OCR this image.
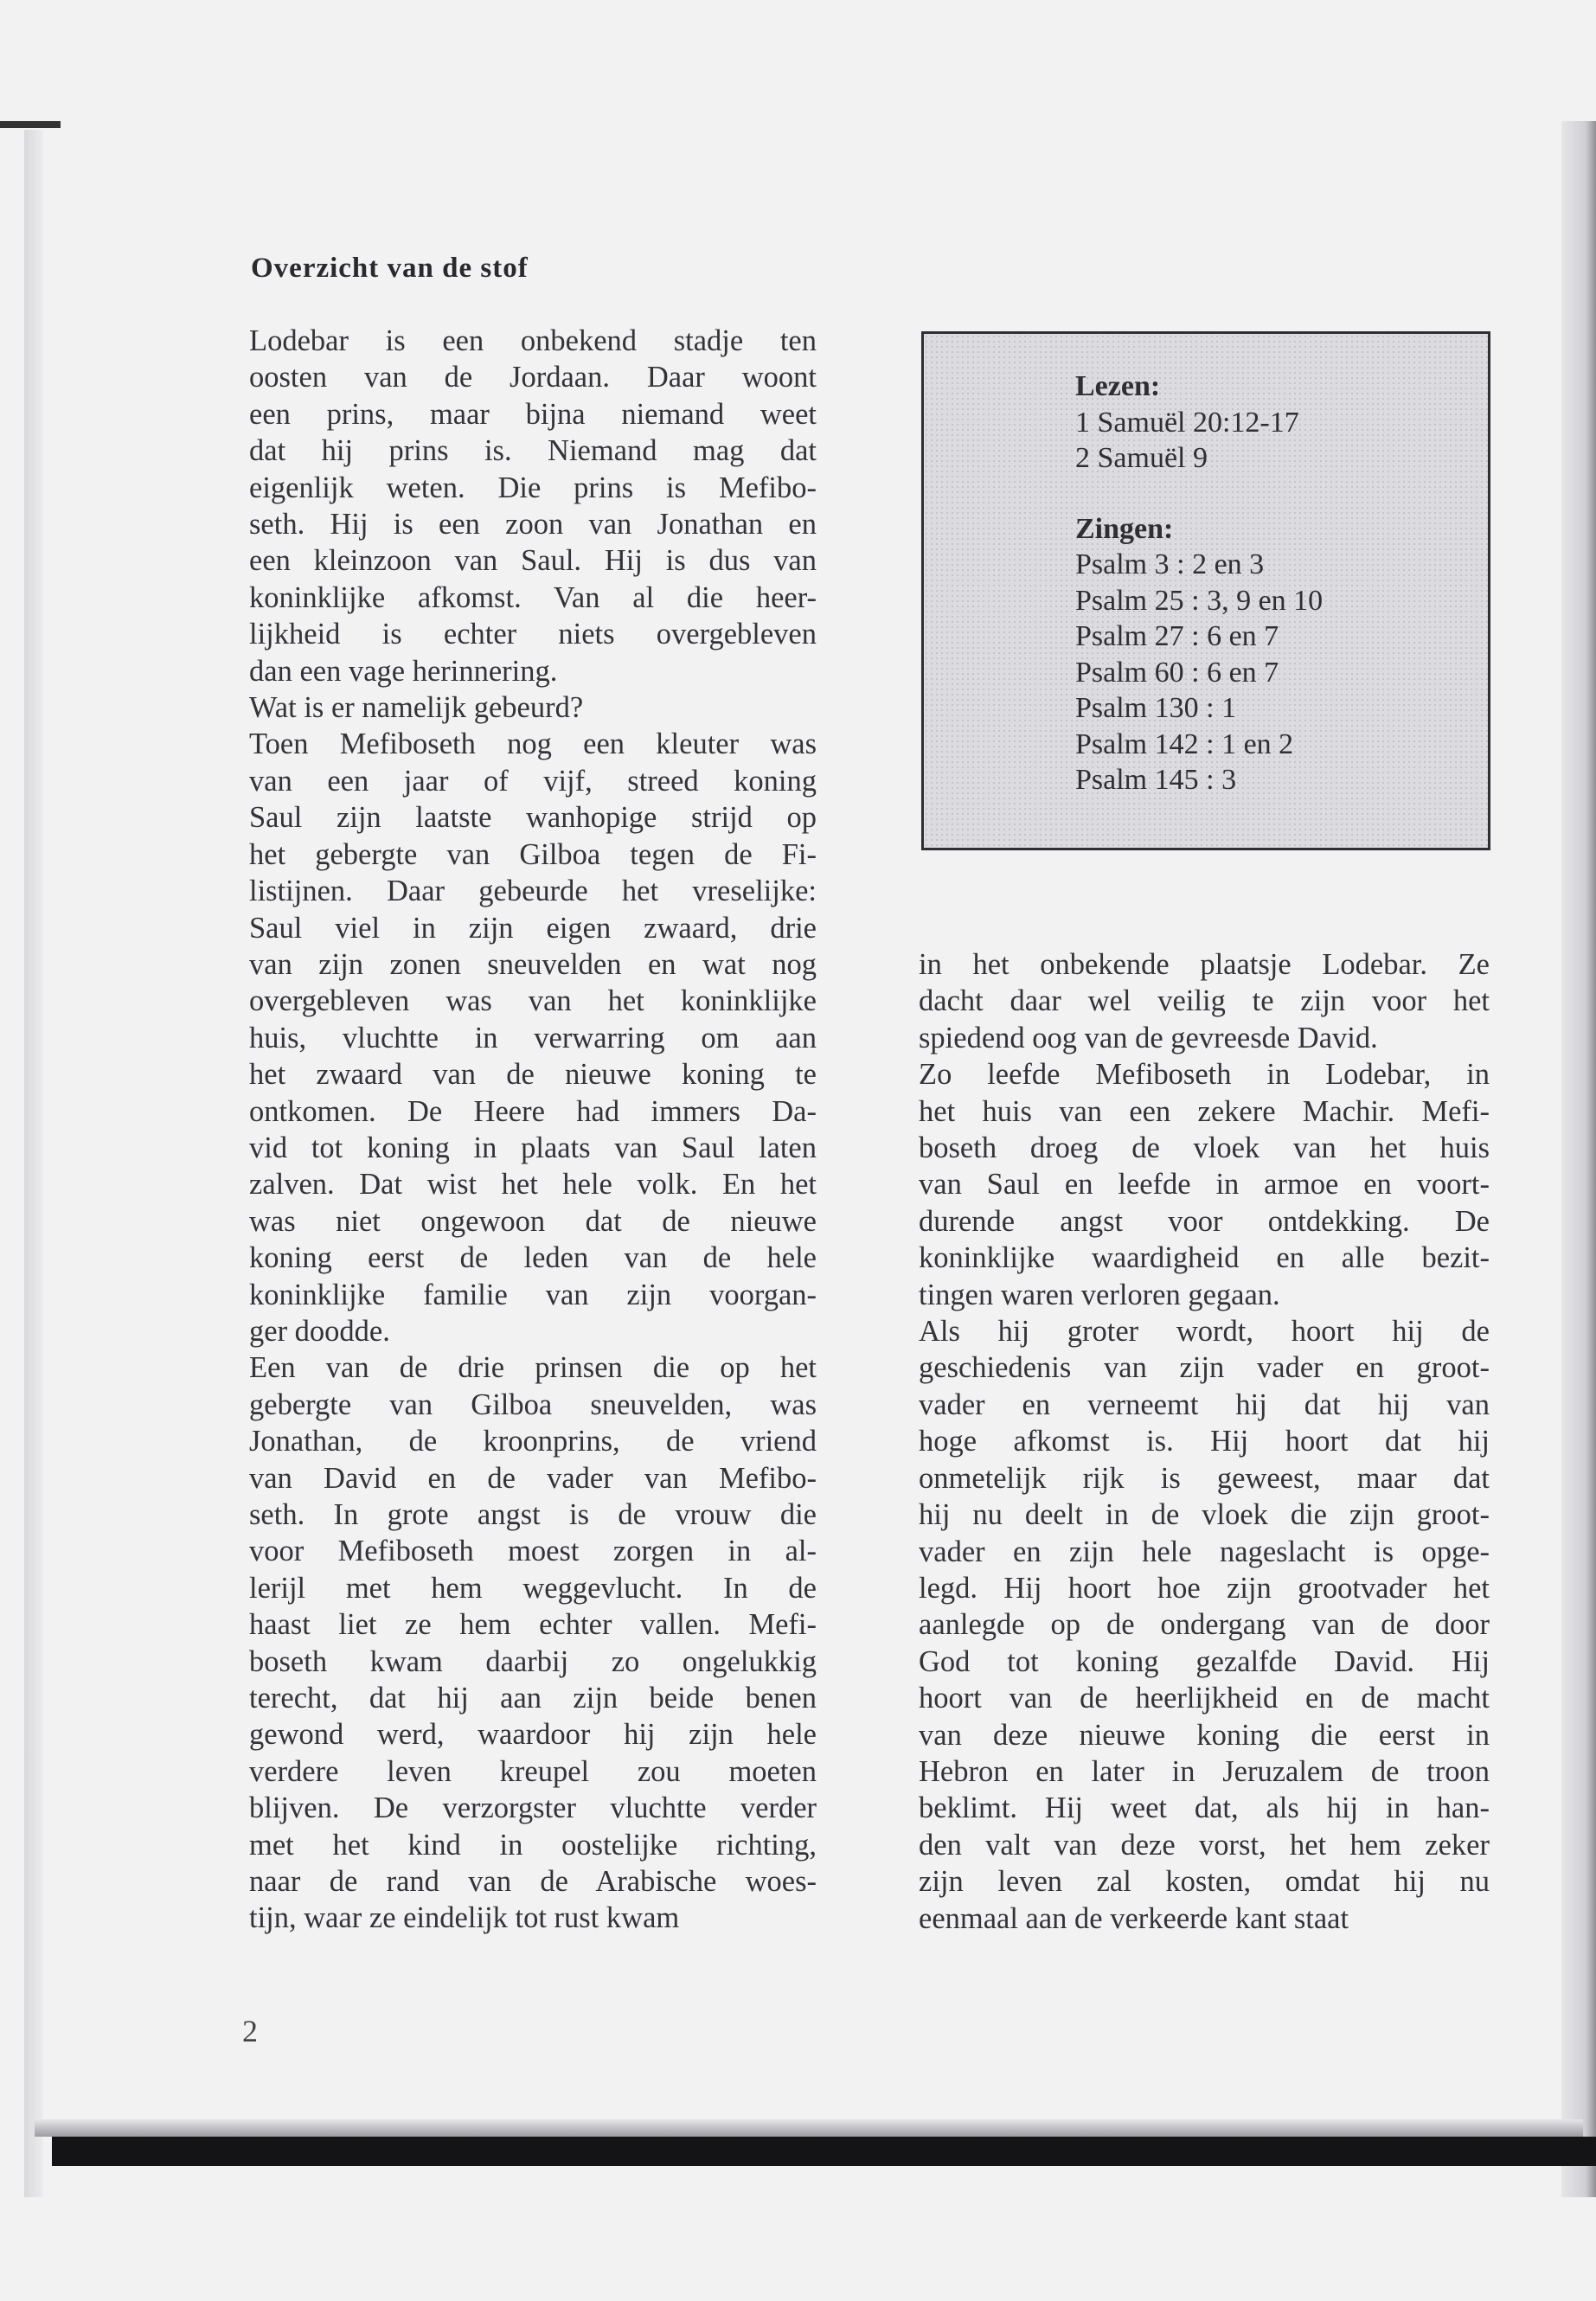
Overzicht van de stof
Lodebar is een onbekend stadje ten
oosten van de Jordaan. Daar woont
een prins, maar bijna niemand weet
dat hij prins is. Niemand mag dat
eigenlijk weten. Die prins is Mefibo-
seth. Hij is een zoon van Jonathan en
een kleinzoon van Saul. Hij is dus van
koninklijke afkomst. Van al die heer-
lijkheid is echter niets overgebleven
dan een vage herinnering.
Wat is er namelijk gebeurd?
Toen Mefiboseth nog een kleuter was
van een jaar of vijf, streed koning
Saul zijn laatste wanhopige strijd op
het gebergte van Gilboa tegen de Fi-
listijnen. Daar gebeurde het vreselijke:
Saul viel in zijn eigen zwaard, drie
van zijn zonen sneuvelden en wat nog
overgebleven was van het koninklijke
huis, vluchtte in verwarring om aan
het zwaard van de nieuwe koning te
ontkomen. De Heere had immers Da-
vid tot koning in plaats van Saul laten
zalven. Dat wist het hele volk. En het
was niet ongewoon dat de nieuwe
koning eerst de leden van de hele
koninklijke familie van zijn voorgan-
ger doodde.
Een van de drie prinsen die op het
gebergte van Gilboa sneuvelden, was
Jonathan, de kroonprins, de vriend
van David en de vader van Mefibo-
seth. In grote angst is de vrouw die
voor Mefiboseth moest zorgen in al-
lerijl met hem weggevlucht. In de
haast liet ze hem echter vallen. Mefi-
boseth kwam daarbij zo ongelukkig
terecht, dat hij aan zijn beide benen
gewond werd, waardoor hij zijn hele
verdere leven kreupel zou moeten
blijven. De verzorgster vluchtte verder
met het kind in oostelijke richting,
naar de rand van de Arabische woes-
tijn, waar ze eindelijk tot rust kwam
Lezen:
1 Samuël 20:12-17
2 Samuël 9
Zingen:
Psalm 3 : 2 en 3
Psalm 25 : 3, 9 en 10
Psalm 27 : 6 en 7
Psalm 60 : 6 en 7
Psalm 130 : 1
Psalm 142 : 1 en 2
Psalm 145 : 3
in het onbekende plaatsje Lodebar. Ze
dacht daar wel veilig te zijn voor het
spiedend oog van de gevreesde David.
Zo leefde Mefiboseth in Lodebar, in
het huis van een zekere Machir. Mefi-
boseth droeg de vloek van het huis
van Saul en leefde in armoe en voort-
durende angst voor ontdekking. De
koninklijke waardigheid en alle bezit-
tingen waren verloren gegaan.
Als hij groter wordt, hoort hij de
geschiedenis van zijn vader en groot-
vader en verneemt hij dat hij van
hoge afkomst is. Hij hoort dat hij
onmetelijk rijk is geweest, maar dat
hij nu deelt in de vloek die zijn groot-
vader en zijn hele nageslacht is opge-
legd. Hij hoort hoe zijn grootvader het
aanlegde op de ondergang van de door
God tot koning gezalfde David. Hij
hoort van de heerlijkheid en de macht
van deze nieuwe koning die eerst in
Hebron en later in Jeruzalem de troon
beklimt. Hij weet dat, als hij in han-
den valt van deze vorst, het hem zeker
zijn leven zal kosten, omdat hij nu
eenmaal aan de verkeerde kant staat
2
